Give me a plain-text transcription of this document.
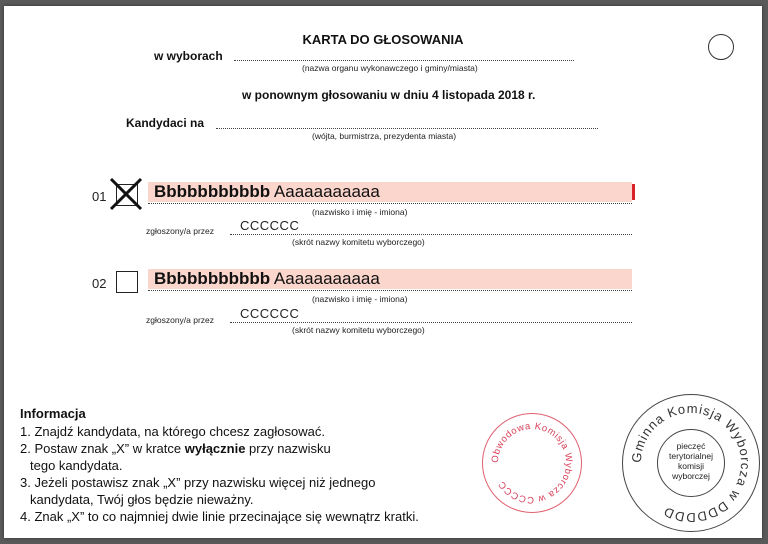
KARTA DO GŁOSOWANIA
w wyborach
(nazwa organu wykonawczego i gminy/miasta)
w ponownym głosowaniu w dniu 4 listopada 2018 r.
Kandydaci na
(wójta, burmistrza, prezydenta miasta)
01	Bbbbbbbbbbb Aaaaaaaaaaa
(nazwisko i imię - imiona)
zgłoszony/a przez CCCCCC
(skrót nazwy komitetu wyborczego)
02	Bbbbbbbbbbb Aaaaaaaaaaa
(nazwisko i imię - imiona)
zgłoszony/a przez CCCCCC
(skrót nazwy komitetu wyborczego)
Informacja
1. Znajdź kandydata, na którego chcesz zagłosować.
2. Postaw znak „X” w kratce wyłącznie przy nazwisku
tego kandydata.
3. Jeżeli postawisz znak „X” przy nazwisku więcej niż jednego
kandydata, Twój głos będzie nieważny.
4. Znak „X” to co najmniej dwie linie przecinające się wewnątrz kratki.
Obwodowa Komisja Wyborcza w CCCCC
Gminna Komisja Wyborcza w DDDDDD
pieczęć
terytorialnej
komisji
wyborczej
